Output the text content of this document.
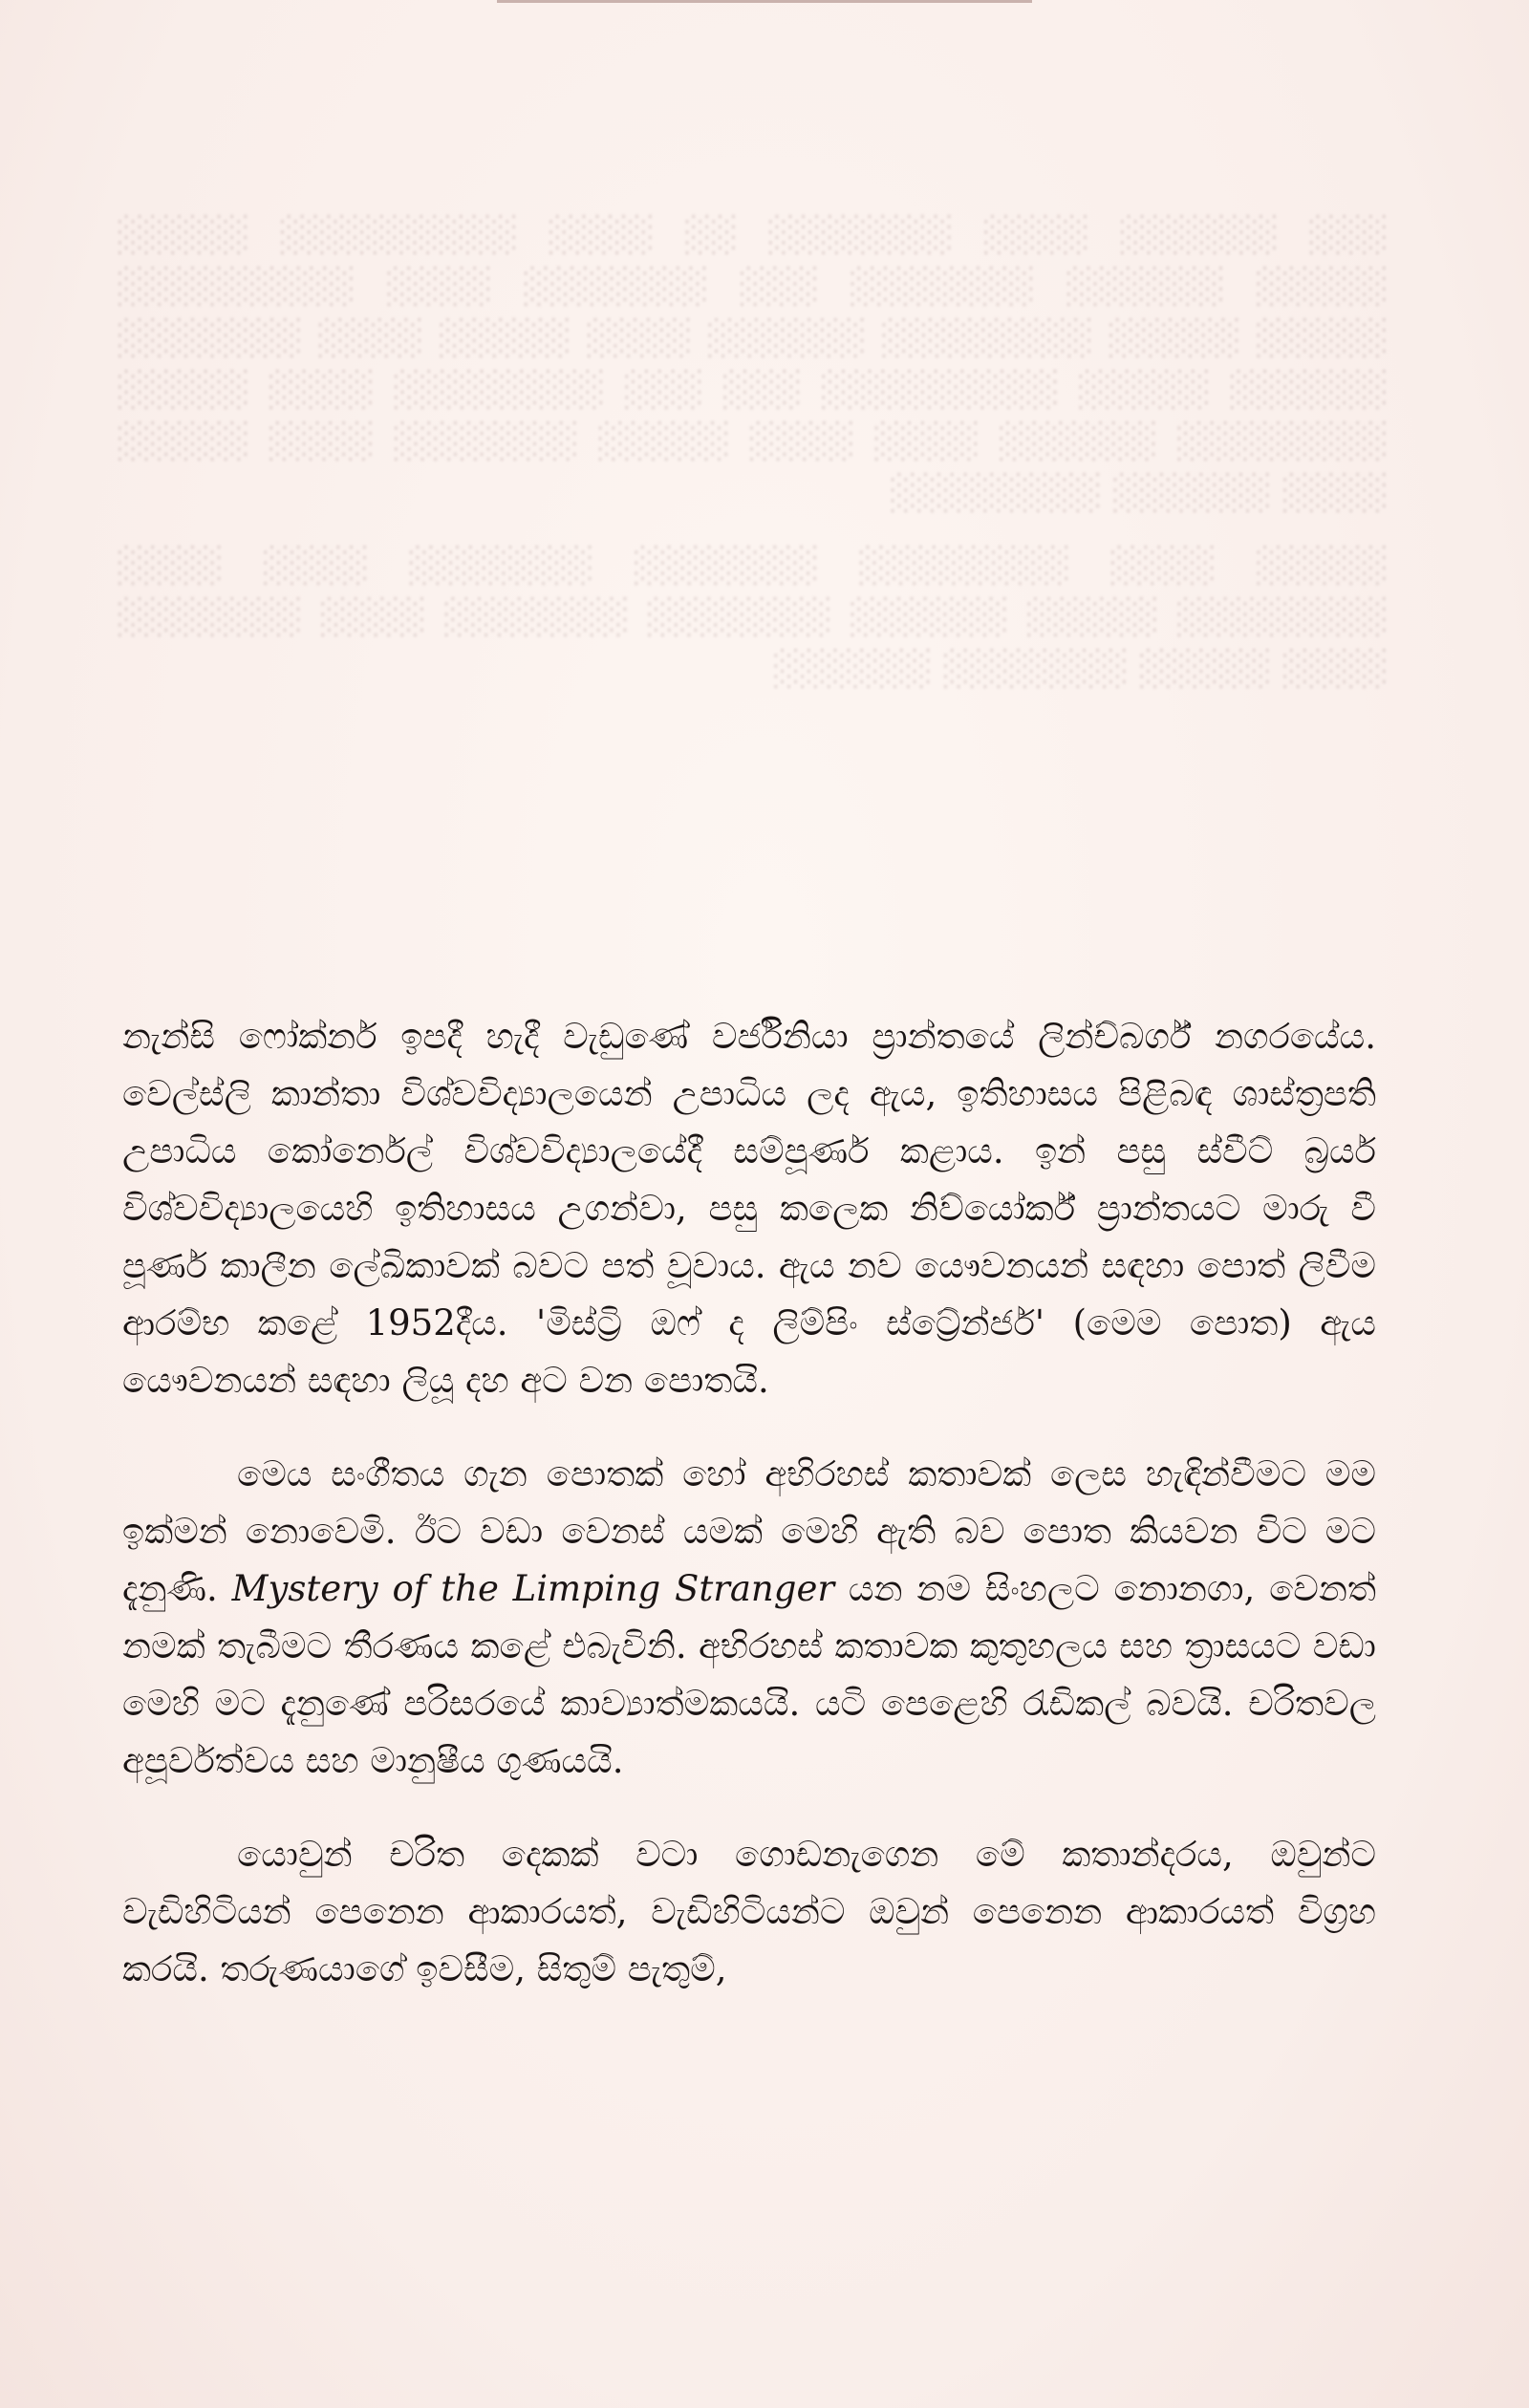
░░░ ░░░░░░ ░░░░ ░░░░░░░ ░░ ░░░░ ░░░░░░░░░ ░░░░░ ░░░░░ ░░░░░░ ░░░░░░░ ░░░ ░░░░░░░ ░░░░ ░░░░░░░░░ ░░░░░ ░░░░░ ░░░░░░░░ ░░░░░░ ░░░░ ░░░░░ ░░░░ ░░░░░░░ ░░░░░░ ░░░░░ ░░░░░░░░░ ░░░ ░░░ ░░░░░░░░ ░░░░ ░░░░░ ░░░░░░░░ ░░░░░░ ░░░░ ░░░░ ░░░░░ ░░░░░░░ ░░░░ ░░░░░ ░░░░ ░░░░░░ ░░░░░░░░

░░░░░ ░░░░ ░░░░░░░░ ░░░░░░░ ░░░░░░░ ░░░░ ░░░░ ░░░░░░░░ ░░░░░ ░░░░░░ ░░░░░░░ ░░░░░░░ ░░░░ ░░░░░░░ ░░░░ ░░░░░ ░░░░░░░ ░░░░░░

නැන්සි ෆෝක්නර් ඉපදී හැදී වැඩුණේ වර්ජිනියා ප්‍රාන්තයේ ලින්ච්බර්ග් නගරයේය. වෙල්ස්ලි කාන්තා විශ්වවිද්‍යාලයෙන් උපාධිය ලද ඇය, ඉතිහාසය පිළිබඳ ශාස්ත්‍රපති උපාධිය කෝර්නෙල් විශ්වවිද්‍යාලයේදී සම්පූර්ණ කළාය. ඉන් පසු ස්වීට් බ්‍රයර් විශ්වවිද්‍යාලයෙහි ඉතිහාසය උගන්වා, පසු කලෙක නිව්යෝර්ක් ප්‍රාන්තයට මාරු වී පූර්ණ කාලීන ලේඛිකාවක් බවට පත් වූවාය. ඇය නව යෞවනයන් සඳහා පොත් ලිවීම ආරම්භ කළේ 1952දීය. 'මිස්ට්‍රි ඔෆ් ද ලිම්පිං ස්ට්‍රේන්ජර්' (මෙම පොත) ඇය යෞවනයන් සඳහා ලියූ දහ අට වන පොතයි.

මෙය සංගීතය ගැන පොතක් හෝ අභිරහස් කතාවක් ලෙස හැඳින්වීමට මම ඉක්මන් නොවෙමි. ඊට වඩා වෙනස් යමක් මෙහි ඇති බව පොත කියවන විට මට දැනුණි. Mystery of the Limping Stranger යන නම සිංහලට නොනගා, වෙනත් නමක් තැබීමට තීරණය කළේ එබැවිනි. අභිරහස් කතාවක කුතුහලය සහ ත්‍රාසයට වඩා මෙහි මට දැනුණේ පරිසරයේ කාව්‍යාත්මකයයි. යටි පෙළෙහි රැඩිකල් බවයි. චරිතවල අපූර්වත්වය සහ මානුෂීය ගුණයයි.

යොවුන් චරිත දෙකක් වටා ගොඩනැගෙන මේ කතාන්දරය, ඔවුන්ට වැඩිහිටියන් පෙනෙන ආකාරයත්, වැඩිහිටියන්ට ඔවුන් පෙනෙන ආකාරයත් විග්‍රහ කරයි. තරුණයාගේ ඉවසීම, සිතුම් පැතුම්,
